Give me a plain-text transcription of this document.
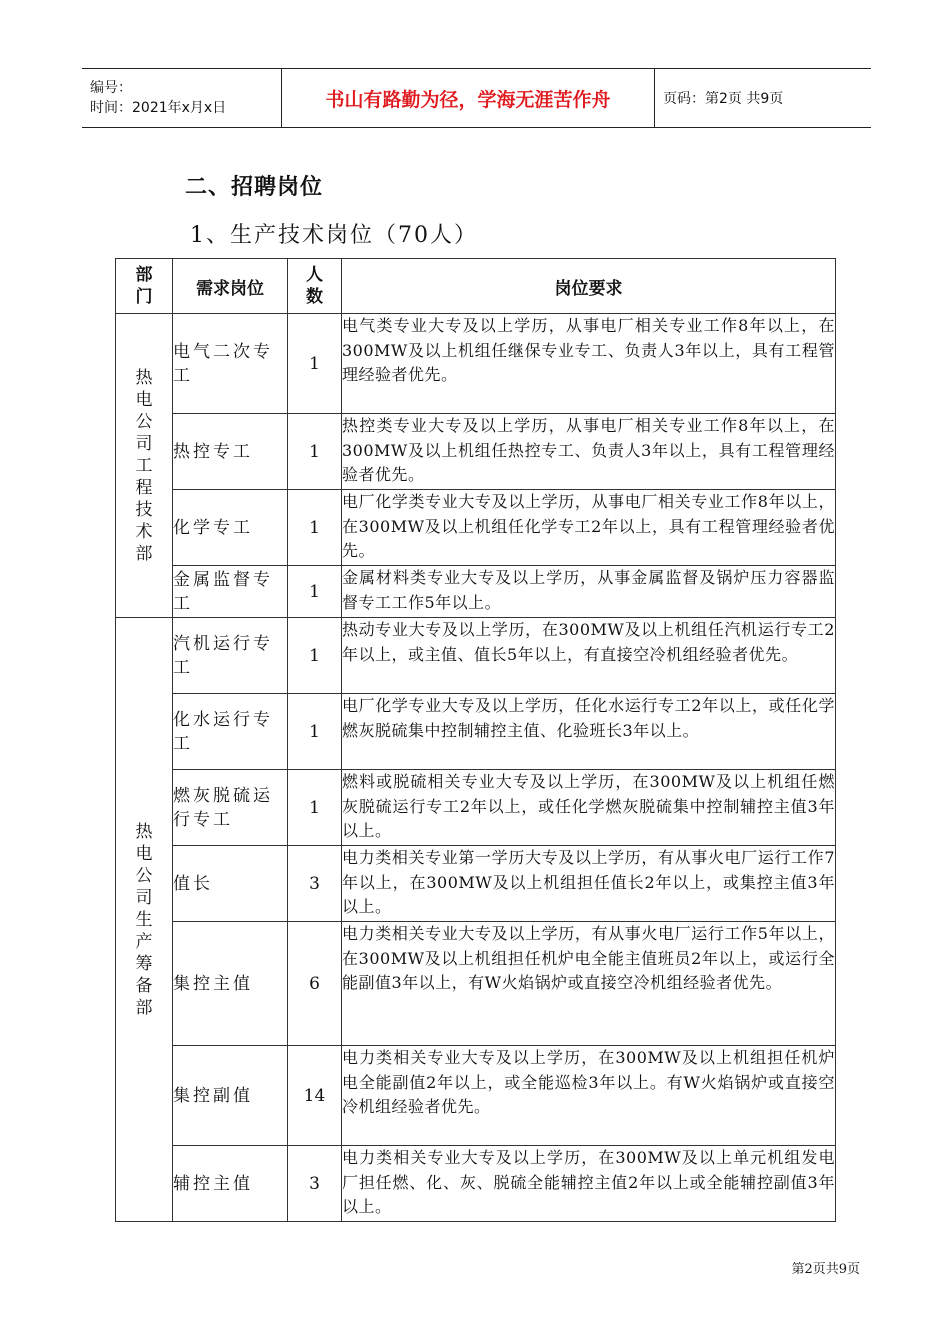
编号：
时间：2021年x月x日	书山有路勤为径，学海无涯苦作舟	页码：第2页 共9页
二、招聘岗位
1、生产技术岗位（70人）
部门	需求岗位	人数	岗位要求
热电公司工程技术部	电气二次专工	1	电气类专业大专及以上学历，从事电厂相关专业工作8年以上，在300MW及以上机组任继保专业专工、负责人3年以上，具有工程管理经验者优先。
	热控专工	1	热控类专业大专及以上学历，从事电厂相关专业工作8年以上，在300MW及以上机组任热控专工、负责人3年以上，具有工程管理经验者优先。
	化学专工	1	电厂化学类专业大专及以上学历，从事电厂相关专业工作8年以上，在300MW及以上机组任化学专工2年以上，具有工程管理经验者优先。
	金属监督专工	1	金属材料类专业大专及以上学历，从事金属监督及锅炉压力容器监督专工工作5年以上。
热电公司生产筹备部	汽机运行专工	1	热动专业大专及以上学历，在300MW及以上机组任汽机运行专工2年以上，或主值、值长5年以上，有直接空冷机组经验者优先。
	化水运行专工	1	电厂化学专业大专及以上学历，任化水运行专工2年以上，或任化学燃灰脱硫集中控制辅控主值、化验班长3年以上。
	燃灰脱硫运行专工	1	燃料或脱硫相关专业大专及以上学历，在300MW及以上机组任燃灰脱硫运行专工2年以上，或任化学燃灰脱硫集中控制辅控主值3年以上。
	值长	3	电力类相关专业第一学历大专及以上学历，有从事火电厂运行工作7年以上，在300MW及以上机组担任值长2年以上，或集控主值3年以上。
	集控主值	6	电力类相关专业大专及以上学历，有从事火电厂运行工作5年以上，在300MW及以上机组担任机炉电全能主值班员2年以上，或运行全能副值3年以上，有W火焰锅炉或直接空冷机组经验者优先。
	集控副值	14	电力类相关专业大专及以上学历，在300MW及以上机组担任机炉电全能副值2年以上，或全能巡检3年以上。有W火焰锅炉或直接空冷机组经验者优先。
	辅控主值	3	电力类相关专业大专及以上学历，在300MW及以上单元机组发电厂担任燃、化、灰、脱硫全能辅控主值2年以上或全能辅控副值3年以上。
第2页共9页
